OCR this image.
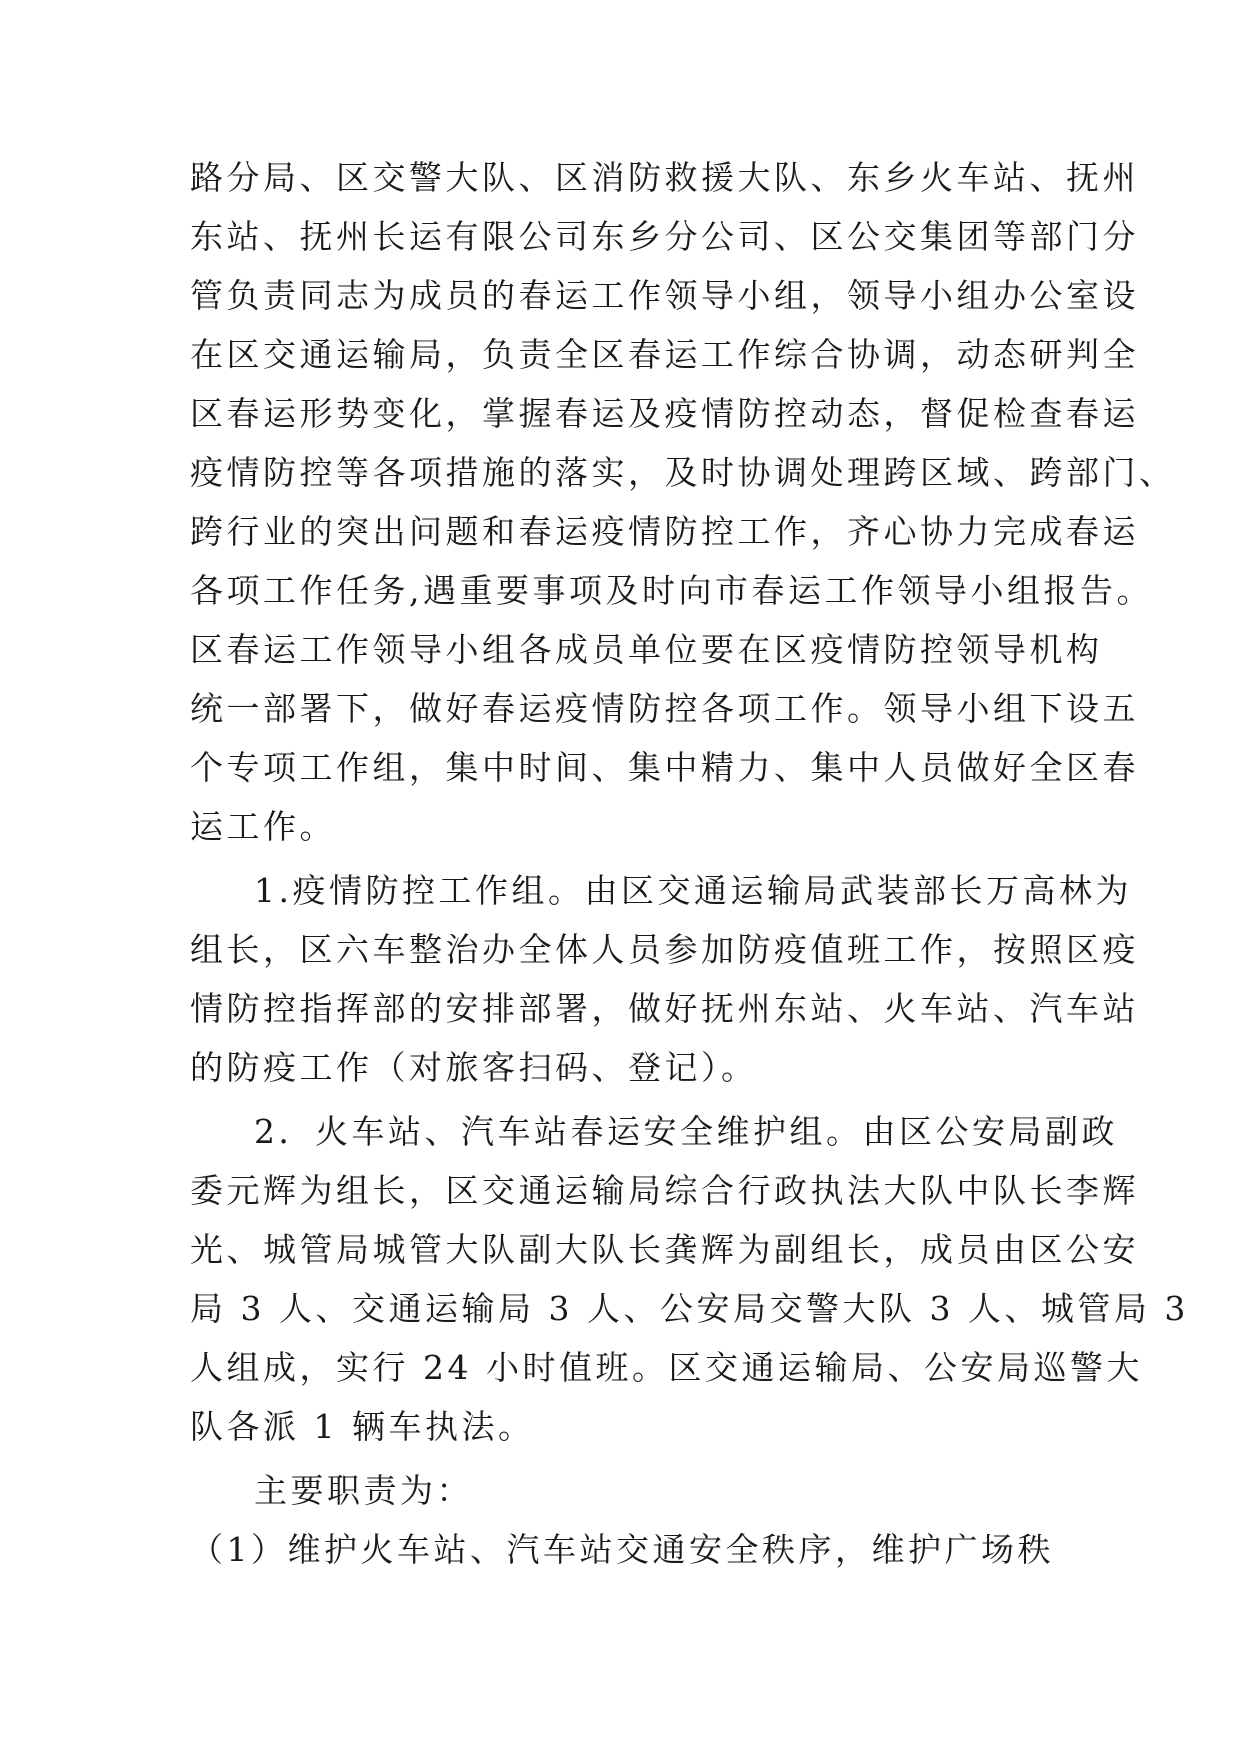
路分局、区交警大队、区消防救援大队、东乡火车站、抚州
东站、抚州长运有限公司东乡分公司、区公交集团等部门分
管负责同志为成员的春运工作领导小组，领导小组办公室设
在区交通运输局，负责全区春运工作综合协调，动态研判全
区春运形势变化，掌握春运及疫情防控动态，督促检查春运
疫情防控等各项措施的落实，及时协调处理跨区域、跨部门、
跨行业的突出问题和春运疫情防控工作，齐心协力完成春运
各项工作任务,遇重要事项及时向市春运工作领导小组报告。
区春运工作领导小组各成员单位要在区疫情防控领导机构
统一部署下，做好春运疫情防控各项工作。领导小组下设五
个专项工作组，集中时间、集中精力、集中人员做好全区春
运工作。
1.疫情防控工作组。由区交通运输局武装部长万高林为
组长，区六车整治办全体人员参加防疫值班工作，按照区疫
情防控指挥部的安排部署，做好抚州东站、火车站、汽车站
的防疫工作（对旅客扫码、登记）。
2．火车站、汽车站春运安全维护组。由区公安局副政
委元辉为组长，区交通运输局综合行政执法大队中队长李辉
光、城管局城管大队副大队长龚辉为副组长，成员由区公安
局 3 人、交通运输局 3 人、公安局交警大队 3 人、城管局 3
人组成，实行 24 小时值班。区交通运输局、公安局巡警大
队各派 1 辆车执法。
主要职责为：
（1）维护火车站、汽车站交通安全秩序，维护广场秩
